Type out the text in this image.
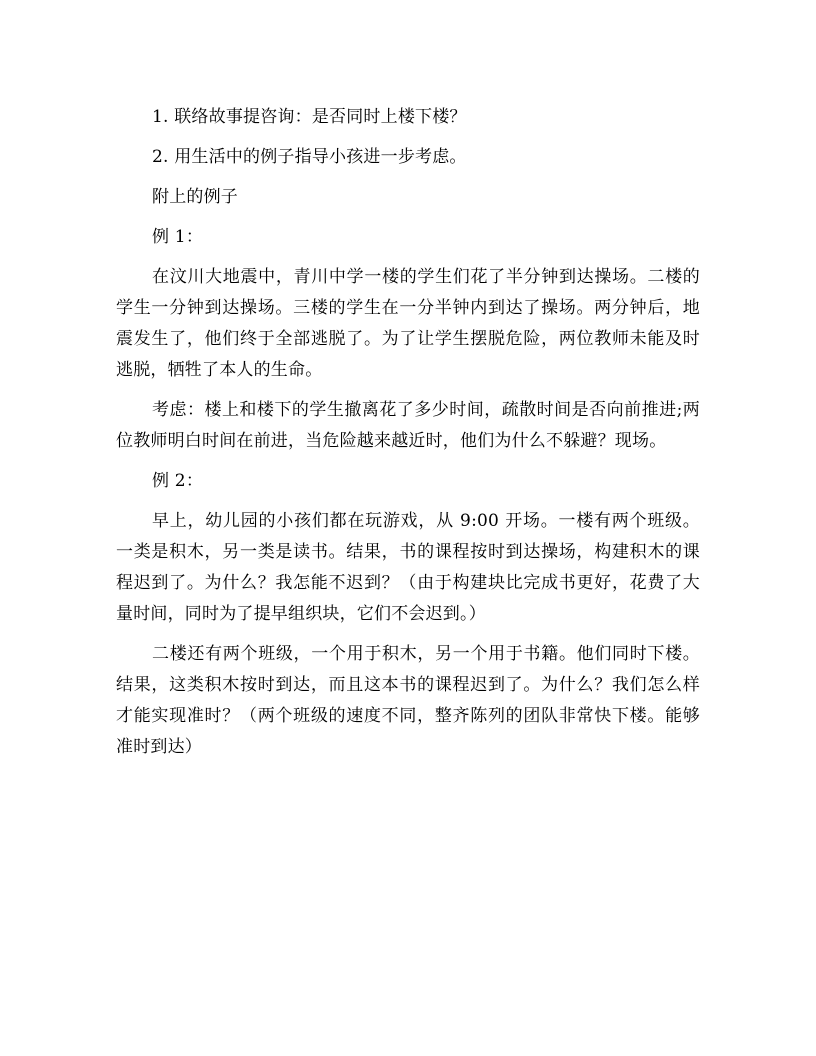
1. 联络故事提咨询：是否同时上楼下楼？

2. 用生活中的例子指导小孩进一步考虑。

附上的例子

例 1：

在汶川大地震中，青川中学一楼的学生们花了半分钟到达操场。二楼的学生一分钟到达操场。三楼的学生在一分半钟内到达了操场。两分钟后，地震发生了，他们终于全部逃脱了。为了让学生摆脱危险，两位教师未能及时逃脱，牺牲了本人的生命。

考虑：楼上和楼下的学生撤离花了多少时间，疏散时间是否向前推进;两位教师明白时间在前进，当危险越来越近时，他们为什么不躲避？现场。

例 2：

早上，幼儿园的小孩们都在玩游戏，从 9:00 开场。一楼有两个班级。一类是积木，另一类是读书。结果，书的课程按时到达操场，构建积木的课程迟到了。为什么？我怎能不迟到？（由于构建块比完成书更好，花费了大量时间，同时为了提早组织块，它们不会迟到。）

二楼还有两个班级，一个用于积木，另一个用于书籍。他们同时下楼。结果，这类积木按时到达，而且这本书的课程迟到了。为什么？我们怎么样才能实现准时？（两个班级的速度不同，整齐陈列的团队非常快下楼。能够准时到达）
